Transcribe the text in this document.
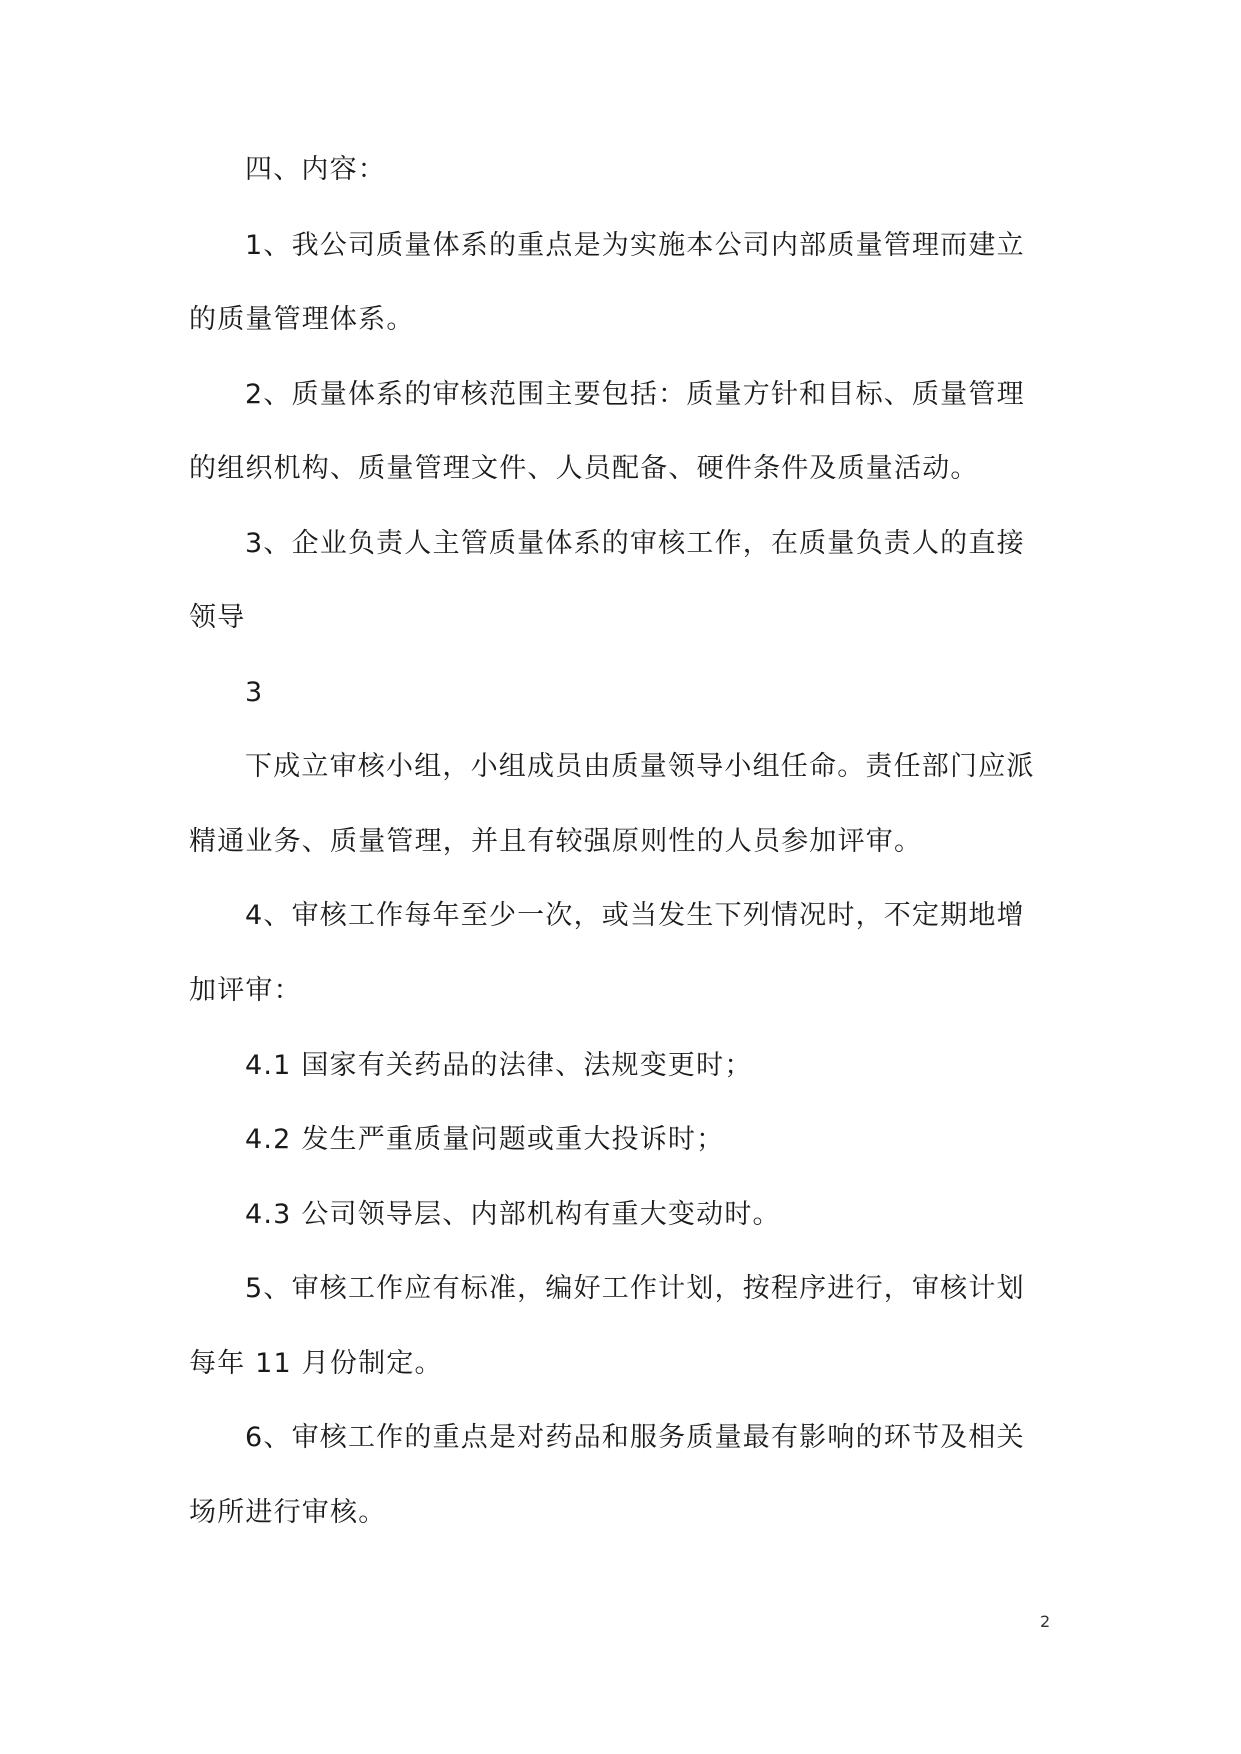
四、内容：
1、我公司质量体系的重点是为实施本公司内部质量管理而建立
的质量管理体系。
2、质量体系的审核范围主要包括：质量方针和目标、质量管理
的组织机构、质量管理文件、人员配备、硬件条件及质量活动。
3、企业负责人主管质量体系的审核工作，在质量负责人的直接
领导
3
下成立审核小组，小组成员由质量领导小组任命。责任部门应派
精通业务、质量管理，并且有较强原则性的人员参加评审。
4、审核工作每年至少一次，或当发生下列情况时，不定期地增
加评审：
4.1 国家有关药品的法律、法规变更时；
4.2 发生严重质量问题或重大投诉时；
4.3 公司领导层、内部机构有重大变动时。
5、审核工作应有标准，编好工作计划，按程序进行，审核计划
每年 11 月份制定。
6、审核工作的重点是对药品和服务质量最有影响的环节及相关
场所进行审核。
2
